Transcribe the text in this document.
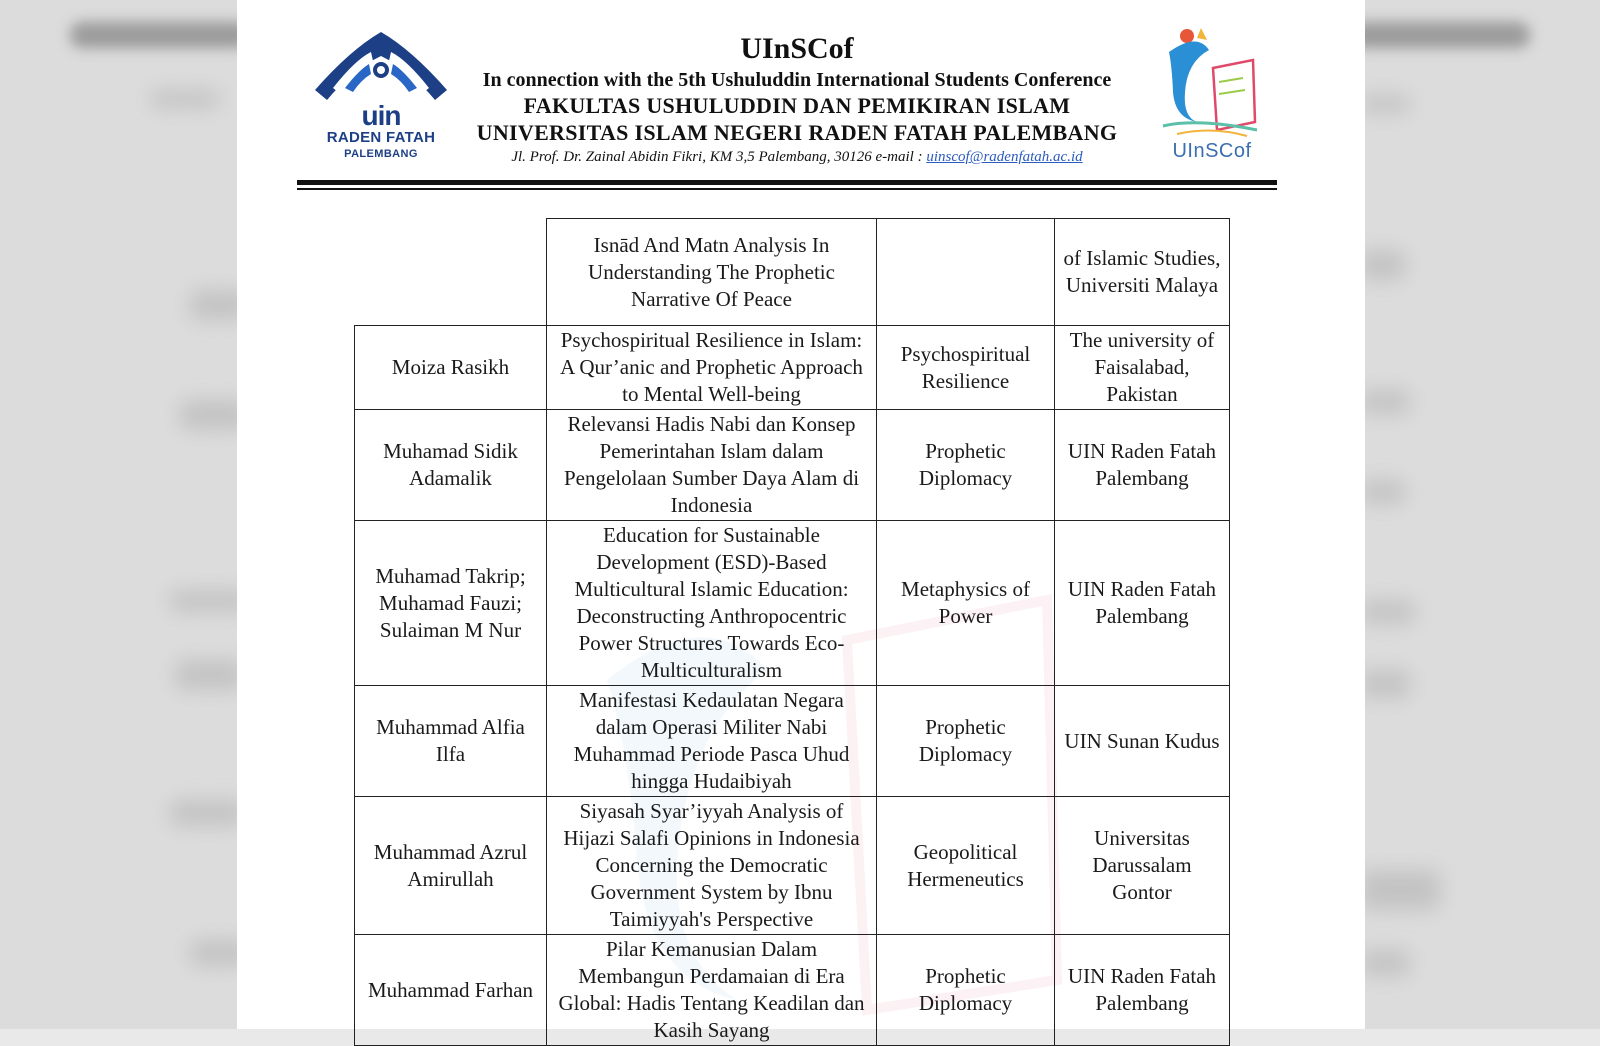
uin
RADEN FATAH
PALEMBANG
UInSCof
In connection with the 5th Ushuluddin International Students Conference
FAKULTAS USHULUDDIN DAN PEMIKIRAN ISLAM
UNIVERSITAS ISLAM NEGERI RADEN FATAH PALEMBANG
Jl. Prof. Dr. Zainal Abidin Fikri, KM 3,5 Palembang, 30126 e-mail : uinscof@radenfatah.ac.id	UInSCof
	Isnād And Matn Analysis In Understanding The Prophetic Narrative Of Peace		of Islamic Studies, Universiti Malaya
Moiza Rasikh	Psychospiritual Resilience in Islam: A Qur’anic and Prophetic Approach to Mental Well-being	Psychospiritual Resilience	The university of Faisalabad, Pakistan
Muhamad Sidik Adamalik	Relevansi Hadis Nabi dan Konsep Pemerintahan Islam dalam Pengelolaan Sumber Daya Alam di Indonesia	Prophetic Diplomacy	UIN Raden Fatah Palembang
Muhamad Takrip; Muhamad Fauzi; Sulaiman M Nur	Education for Sustainable Development (ESD)-Based Multicultural Islamic Education: Deconstructing Anthropocentric Power Structures Towards Eco-Multiculturalism	Metaphysics of Power	UIN Raden Fatah Palembang
Muhammad Alfia Ilfa	Manifestasi Kedaulatan Negara dalam Operasi Militer Nabi Muhammad Periode Pasca Uhud hingga Hudaibiyah	Prophetic Diplomacy	UIN Sunan Kudus
Muhammad Azrul Amirullah	Siyasah Syar’iyyah Analysis of Hijazi Salafi Opinions in Indonesia Concerning the Democratic Government System by Ibnu Taimiyyah's Perspective	Geopolitical Hermeneutics	Universitas Darussalam Gontor
Muhammad Farhan	Pilar Kemanusian Dalam Membangun Perdamaian di Era Global: Hadis Tentang Keadilan dan Kasih Sayang	Prophetic Diplomacy	UIN Raden Fatah Palembang
